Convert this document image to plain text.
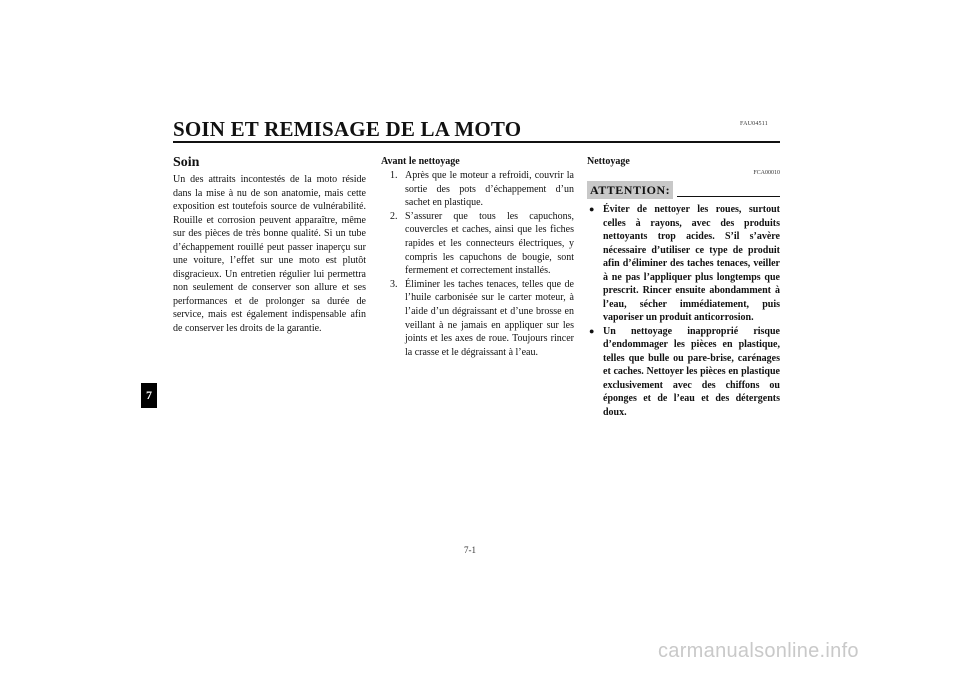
FAU04511
SOIN ET REMISAGE DE LA MOTO
7
Soin

Un des attraits incontestés de la moto réside dans la mise à nu de son anatomie, mais cette exposition est toutefois source de vulnérabilité. Rouille et corrosion peuvent apparaître, même sur des pièces de très bonne qualité. Si un tube d’échappement rouillé peut passer inaperçu sur une voiture, l’effet sur une moto est plutôt disgracieux. Un entretien régulier lui permettra non seulement de conserver son allure et ses performances et de prolonger sa durée de service, mais est également indispensable afin de conserver les droits de la garantie.

Avant le nettoyage
1. Après que le moteur a refroidi, couvrir la sortie des pots d’échappement d’un sachet en plastique.
2. S’assurer que tous les capuchons, couvercles et caches, ainsi que les fiches rapides et les connecteurs électriques, y compris les capuchons de bougie, sont fermement et correctement installés.
3. Éliminer les taches tenaces, telles que de l’huile carbonisée sur le carter moteur, à l’aide d’un dégraissant et d’une brosse en veillant à ne jamais en appliquer sur les joints et les axes de roue. Toujours rincer la crasse et le dégraissant à l’eau.
Nettoyage
FCA00010
ATTENTION:
● Éviter de nettoyer les roues, surtout celles à rayons, avec des produits nettoyants trop acides. S’il s’avère nécessaire d’utiliser ce type de produit afin d’éliminer des taches tenaces, veiller à ne pas l’appliquer plus longtemps que prescrit. Rincer ensuite abondamment à l’eau, sécher immédiatement, puis vaporiser un produit anticorrosion.
● Un nettoyage inapproprié risque d’endommager les pièces en plastique, telles que bulle ou pare-brise, carénages et caches. Nettoyer les pièces en plastique exclusivement avec des chiffons ou éponges et de l’eau et des détergents doux.
7-1
carmanualsonline.info
